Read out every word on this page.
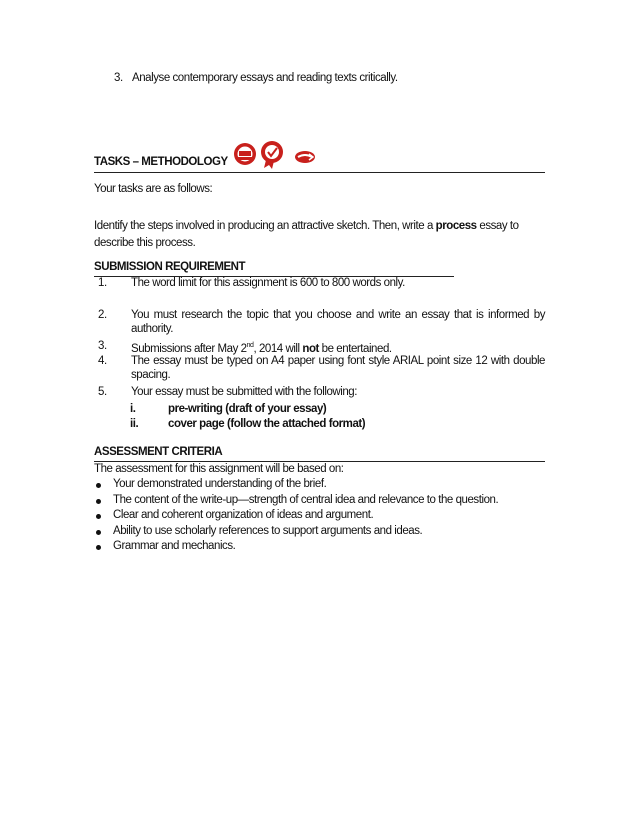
3. Analyse contemporary essays and reading texts critically.
TASKS – METHODOLOGY
Your tasks are as follows:
Identify the steps involved in producing an attractive sketch. Then, write a process essay to describe this process.
SUBMISSION REQUIREMENT
1. The word limit for this assignment is 600 to 800 words only.
2. You must research the topic that you choose and write an essay that is informed by authority.
3. Submissions after May 2nd, 2014 will not be entertained.
4. The essay must be typed on A4 paper using font style ARIAL point size 12 with double spacing.
5. Your essay must be submitted with the following:
i.	pre-writing (draft of your essay)
ii.	cover page (follow the attached format)
ASSESSMENT CRITERIA
The assessment for this assignment will be based on:
Your demonstrated understanding of the brief.
The content of the write-up—strength of central idea and relevance to the question.
Clear and coherent organization of ideas and argument.
Ability to use scholarly references to support arguments and ideas.
Grammar and mechanics.
